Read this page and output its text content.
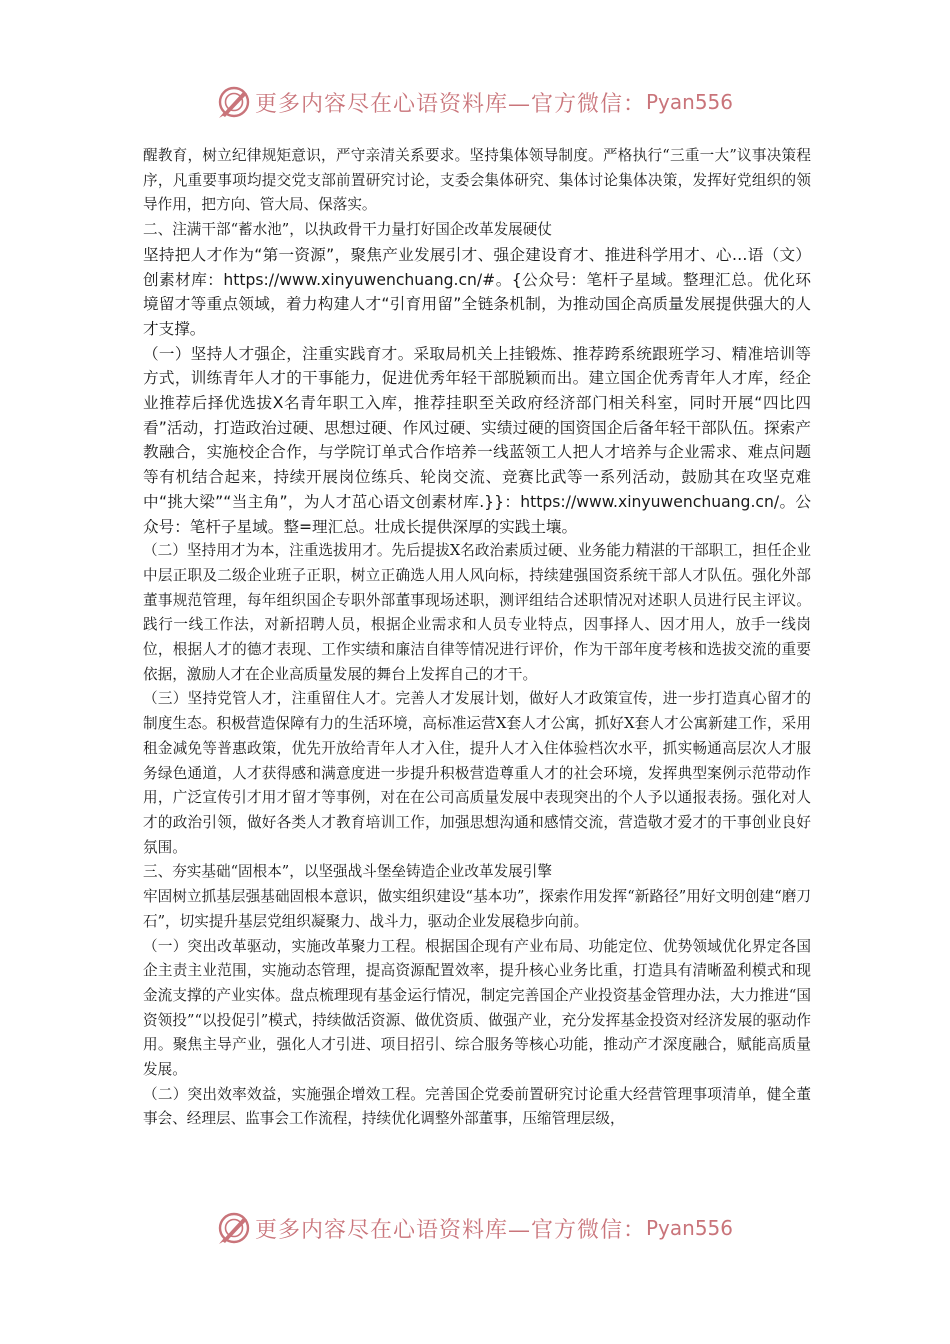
更多内容尽在心语资料库—官方微信： Pyan556

醒教育，树立纪律规矩意识，严守亲清关系要求。坚持集体领导制度。严格执行“三重一大”议事决策程序，凡重要事项均提交党支部前置研究讨论，支委会集体研究、集体讨论集体决策，发挥好党组织的领导作用，把方向、管大局、保落实。

二、注满干部“蓄水池”，以执政骨干力量打好国企改革发展硬仗

坚持把人才作为“第一资源”，聚焦产业发展引才、强企建设育才、推进科学用才、心…语（文）创素材库：https://www.xinyuwenchuang.cn/#。{公众号：笔杆子星域。整理汇总。优化环境留才等重点领域，着力构建人才“引育用留”全链条机制，为推动国企高质量发展提供强大的人才支撑。

（一）坚持人才强企，注重实践育才。采取局机关上挂锻炼、推荐跨系统跟班学习、精准培训等方式，训练青年人才的干事能力，促进优秀年轻干部脱颖而出。建立国企优秀青年人才库，经企业推荐后择优选拔X名青年职工入库，推荐挂职至关政府经济部门相关科室，同时开展“四比四看”活动，打造政治过硬、思想过硬、作风过硬、实绩过硬的国资国企后备年轻干部队伍。探索产教融合，实施校企合作，与学院订单式合作培养一线蓝领工人把人才培养与企业需求、难点问题等有机结合起来，持续开展岗位练兵、轮岗交流、竞赛比武等一系列活动，鼓励其在攻坚克难中“挑大梁”“当主角”，为人才茁心语文创素材库.}}：https://www.xinyuwenchuang.cn/。公众号：笔杆子星域。整=理汇总。壮成长提供深厚的实践土壤。

（二）坚持用才为本，注重选拔用才。先后提拔X名政治素质过硬、业务能力精湛的干部职工，担任企业中层正职及二级企业班子正职，树立正确选人用人风向标，持续建强国资系统干部人才队伍。强化外部董事规范管理，每年组织国企专职外部董事现场述职，测评组结合述职情况对述职人员进行民主评议。践行一线工作法，对新招聘人员，根据企业需求和人员专业特点，因事择人、因才用人，放手一线岗位，根据人才的德才表现、工作实绩和廉洁自律等情况进行评价，作为干部年度考核和选拔交流的重要依据，激励人才在企业高质量发展的舞台上发挥自己的才干。

（三）坚持党管人才，注重留住人才。完善人才发展计划，做好人才政策宣传，进一步打造真心留才的制度生态。积极营造保障有力的生活环境，高标准运营X套人才公寓，抓好X套人才公寓新建工作，采用租金减免等普惠政策，优先开放给青年人才入住，提升人才入住体验档次水平，抓实畅通高层次人才服务绿色通道，人才获得感和满意度进一步提升积极营造尊重人才的社会环境，发挥典型案例示范带动作用，广泛宣传引才用才留才等事例，对在在公司高质量发展中表现突出的个人予以通报表扬。强化对人才的政治引领，做好各类人才教育培训工作，加强思想沟通和感情交流，营造敬才爱才的干事创业良好氛围。

三、夯实基础“固根本”，以坚强战斗堡垒铸造企业改革发展引擎

牢固树立抓基层强基础固根本意识，做实组织建设“基本功”，探索作用发挥“新路径”用好文明创建“磨刀石”，切实提升基层党组织凝聚力、战斗力，驱动企业发展稳步向前。

（一）突出改革驱动，实施改革聚力工程。根据国企现有产业布局、功能定位、优势领域优化界定各国企主责主业范围，实施动态管理，提高资源配置效率，提升核心业务比重，打造具有清晰盈利模式和现金流支撑的产业实体。盘点梳理现有基金运行情况，制定完善国企产业投资基金管理办法，大力推进“国资领投”“以投促引”模式，持续做活资源、做优资质、做强产业，充分发挥基金投资对经济发展的驱动作用。聚焦主导产业，强化人才引进、项目招引、综合服务等核心功能，推动产才深度融合，赋能高质量发展。

（二）突出效率效益，实施强企增效工程。完善国企党委前置研究讨论重大经营管理事项清单，健全董事会、经理层、监事会工作流程，持续优化调整外部董事，压缩管理层级，

更多内容尽在心语资料库—官方微信： Pyan556
